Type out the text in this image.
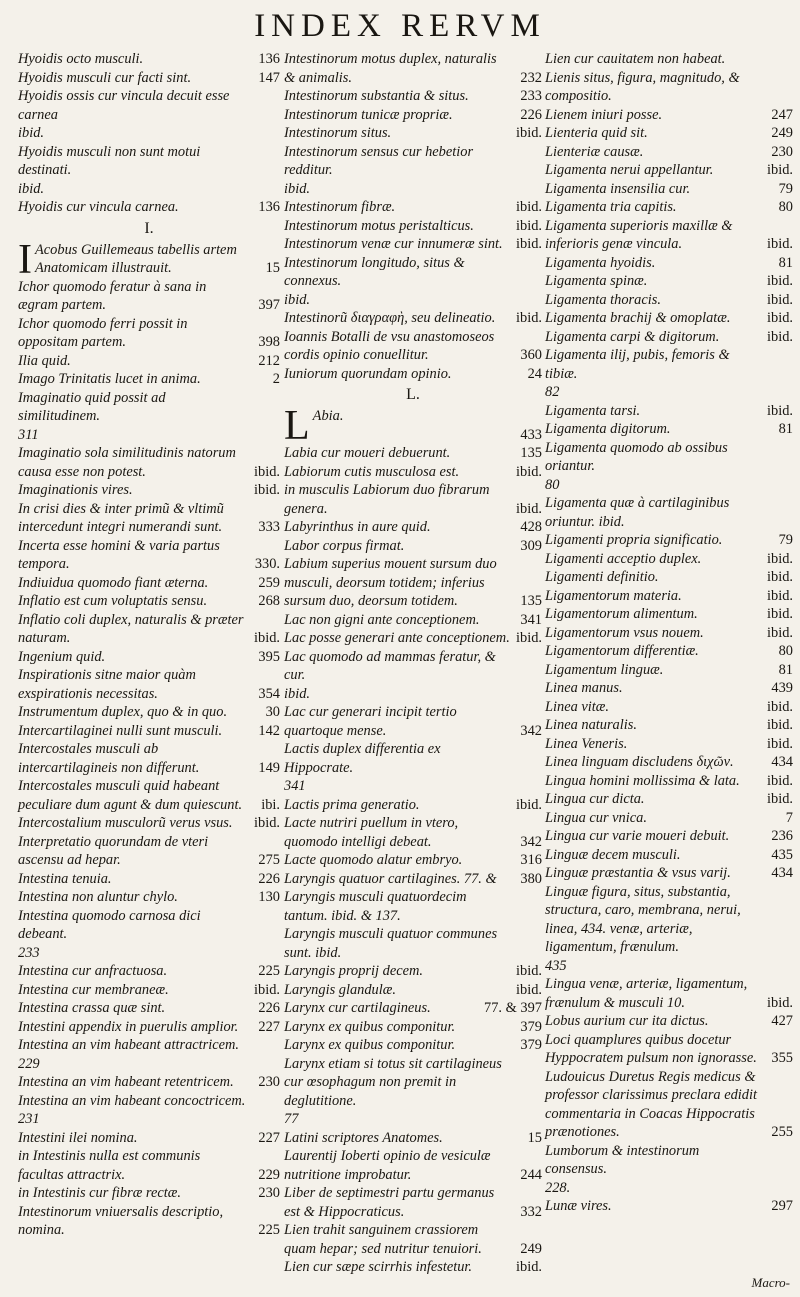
INDEX RERVM
Hyoidis octo musculi.	136
Hyoidis musculi cur facti sint.	147
Hyoidis ossis cur vincula decuit esse carnea
ibid.
Hyoidis musculi non sunt motui destinati.
ibid.
Hyoidis cur vincula carnea.	136
I.
I Acobus Guillemeaus tabellis artem Anatomicam illustrauit.	15
Ichor quomodo feratur à sana in ægram partem.	397
Ichor quomodo ferri possit in oppositam partem.	398
Ilia quid.	212
Imago Trinitatis lucet in anima.	2
Imaginatio quid possit ad similitudinem.
311
Imaginatio sola similitudinis natorum causa esse non potest.	ibid.
Imaginationis vires.	ibid.
In crisi dies & inter primũ & vltimũ intercedunt integri numerandi sunt.	333
Incerta esse homini & varia partus tempora.	330.
Indiuidua quomodo fiant æterna.	259
Inflatio est cum voluptatis sensu.	268
Inflatio coli duplex, naturalis & præter naturam.	ibid.
Ingenium quid.	395
Inspirationis sitne maior quàm exspirationis necessitas.	354
Instrumentum duplex, quo & in quo.	30
Intercartilaginei nulli sunt musculi.	142
Intercostales musculi ab intercartilagineis non differunt.	149
Intercostales musculi quid habeant peculiare dum agunt & dum quiescunt.	ibi.
Intercostalium musculorũ verus vsus.	ibid.
Interpretatio quorundam de vteri ascensu ad hepar.	275
Intestina tenuia.	226
Intestina non aluntur chylo.	130
Intestina quomodo carnosa dici debeant.
233
Intestina cur anfractuosa.	225
Intestina cur membraneæ.	ibid.
Intestina crassa quæ sint.	226
Intestini appendix in puerulis amplior.	227
Intestina an vim habeant attractricem.
229
Intestina an vim habeant retentricem.	230
Intestina an vim habeant concoctricem.
231
Intestini ilei nomina.	227
in Intestinis nulla est communis facultas attractrix.	229
in Intestinis cur fibræ rectæ.	230
Intestinorum vniuersalis descriptio, nomina.	225
Intestinorum motus duplex, naturalis & animalis.	232
Intestinorum substantia & situs.	233
Intestinorum tunicæ propriæ.	226
Intestinorum situs.	ibid.
Intestinorum sensus cur hebetior redditur.
ibid.
Intestinorum fibræ.	ibid.
Intestinorum motus peristalticus.	ibid.
Intestinorum venæ cur innumeræ sint. ibid.
Intestinorum longitudo, situs & connexus.
ibid.
Intestinorũ διαγραφὴ, seu delineatio.	ibid.
Ioannis Botalli de vsu anastomoseos cordis opinio conuellitur.	360
Iuniorum quorundam opinio.	24
L.
L Abia.
433
Labia cur moueri debuerunt.	135
Labiorum cutis musculosa est.	ibid.
in musculis Labiorum duo fibrarum genera.	ibid.
Labyrinthus in aure quid.	428
Labor corpus firmat.	309
Labium superius mouent sursum duo musculi, deorsum totidem; inferius sursum duo, deorsum totidem.	135
Lac non gigni ante conceptionem.	341
Lac posse generari ante conceptionem. ibid.
Lac quomodo ad mammas feratur, & cur.
ibid.
Lac cur generari incipit tertio quartoque mense.	342
Lactis duplex differentia ex Hippocrate.
341
Lactis prima generatio.	ibid.
Lacte nutriri puellum in vtero, quomodo intelligi debeat.	342
Lacte quomodo alatur embryo.	316
Laryngis quatuor cartilagines. 77. &	380
Laryngis musculi quatuordecim tantum. ibid. & 137.
Laryngis musculi quatuor communes sunt. ibid.
Laryngis proprij decem.	ibid.
Laryngis glandulæ.	ibid.
Larynx cur cartilagineus.	77. & 397
Larynx ex quibus componitur.	379
Larynx ex quibus componitur.	379
Larynx etiam si totus sit cartilagineus cur œsophagum non premit in deglutitione.
77
Latini scriptores Anatomes.	15
Laurentij Ioberti opinio de vesiculæ nutritione improbatur.	244
Liber de septimestri partu germanus est & Hippocraticus.	332
Lien trahit sanguinem crassiorem quam hepar; sed nutritur tenuiori.	249
Lien cur sæpe scirrhis infestetur.	ibid.
Lien cur cauitatem non habeat.
Lienis situs, figura, magnitudo, & compositio.
Lienem iniuri posse.	247
Lienteria quid sit.	249
Lienteriæ causæ.	230
Ligamenta nerui appellantur.	ibid.
Ligamenta insensilia cur.	79
Ligamenta tria capitis.	80
Ligamenta superioris maxillæ & inferioris genæ vincula.	ibid.
Ligamenta hyoidis.	81
Ligamenta spinæ.	ibid.
Ligamenta thoracis.	ibid.
Ligamenta brachij & omoplatæ.	ibid.
Ligamenta carpi & digitorum.	ibid.
Ligamenta ilij, pubis, femoris & tibiæ.
82
Ligamenta tarsi.	ibid.
Ligamenta digitorum.	81
Ligamenta quomodo ab ossibus oriantur.
80
Ligamenta quæ à cartilaginibus oriuntur. ibid.
Ligamenti propria significatio.	79
Ligamenti acceptio duplex.	ibid.
Ligamenti definitio.	ibid.
Ligamentorum materia.	ibid.
Ligamentorum alimentum.	ibid.
Ligamentorum vsus nouem.	ibid.
Ligamentorum differentiæ.	80
Ligamentum linguæ.	81
Linea manus.	439
Linea vitæ.	ibid.
Linea naturalis.	ibid.
Linea Veneris.	ibid.
Linea linguam discludens διχῶν.	434
Lingua homini mollissima & lata.	ibid.
Lingua cur dicta.	ibid.
Lingua cur vnica.	7
Lingua cur varie moueri debuit.	236
Linguæ decem musculi.	435
Linguæ præstantia & vsus varij.	434
Linguæ figura, situs, substantia, structura, caro, membrana, nerui, linea, 434. venæ, arteriæ, ligamentum, frænulum.
435
Lingua venæ, arteriæ, ligamentum, frænulum & musculi 10.	ibid.
Lobus aurium cur ita dictus.	427
Loci quamplures quibus docetur Hyppocratem pulsum non ignorasse.	355
Ludouicus Duretus Regis medicus & professor clarissimus preclara edidit commentaria in Coacas Hippocratis prænotiones.	255
Lumborum & intestinorum consensus.
228.
Lunæ vires.	297
Macro-
